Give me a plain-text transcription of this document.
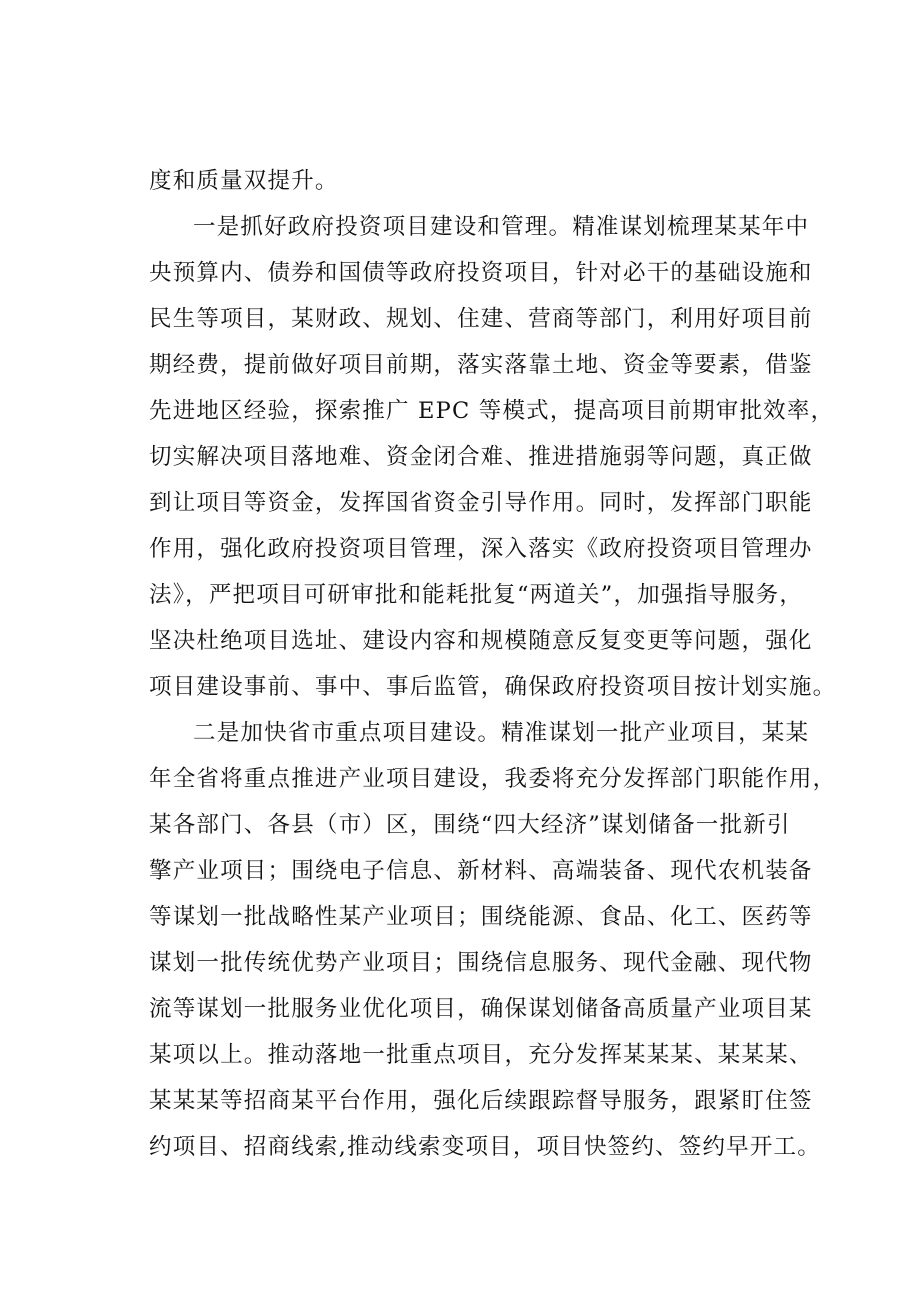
度和质量双提升。
一是抓好政府投资项目建设和管理。精准谋划梳理某某年中
央预算内、债券和国债等政府投资项目，针对必干的基础设施和
民生等项目，某财政、规划、住建、营商等部门，利用好项目前
期经费，提前做好项目前期，落实落靠土地、资金等要素，借鉴
先进地区经验，探索推广 EPC 等模式，提高项目前期审批效率，
切实解决项目落地难、资金闭合难、推进措施弱等问题，真正做
到让项目等资金，发挥国省资金引导作用。同时，发挥部门职能
作用，强化政府投资项目管理，深入落实《政府投资项目管理办
法》，严把项目可研审批和能耗批复“两道关”，加强指导服务，
坚决杜绝项目选址、建设内容和规模随意反复变更等问题，强化
项目建设事前、事中、事后监管，确保政府投资项目按计划实施。
二是加快省市重点项目建设。精准谋划一批产业项目，某某
年全省将重点推进产业项目建设，我委将充分发挥部门职能作用，
某各部门、各县（市）区，围绕“四大经济”谋划储备一批新引
擎产业项目；围绕电子信息、新材料、高端装备、现代农机装备
等谋划一批战略性某产业项目；围绕能源、食品、化工、医药等
谋划一批传统优势产业项目；围绕信息服务、现代金融、现代物
流等谋划一批服务业优化项目，确保谋划储备高质量产业项目某
某项以上。推动落地一批重点项目，充分发挥某某某、某某某、
某某某等招商某平台作用，强化后续跟踪督导服务，跟紧盯住签
约项目、招商线索,推动线索变项目，项目快签约、签约早开工。
